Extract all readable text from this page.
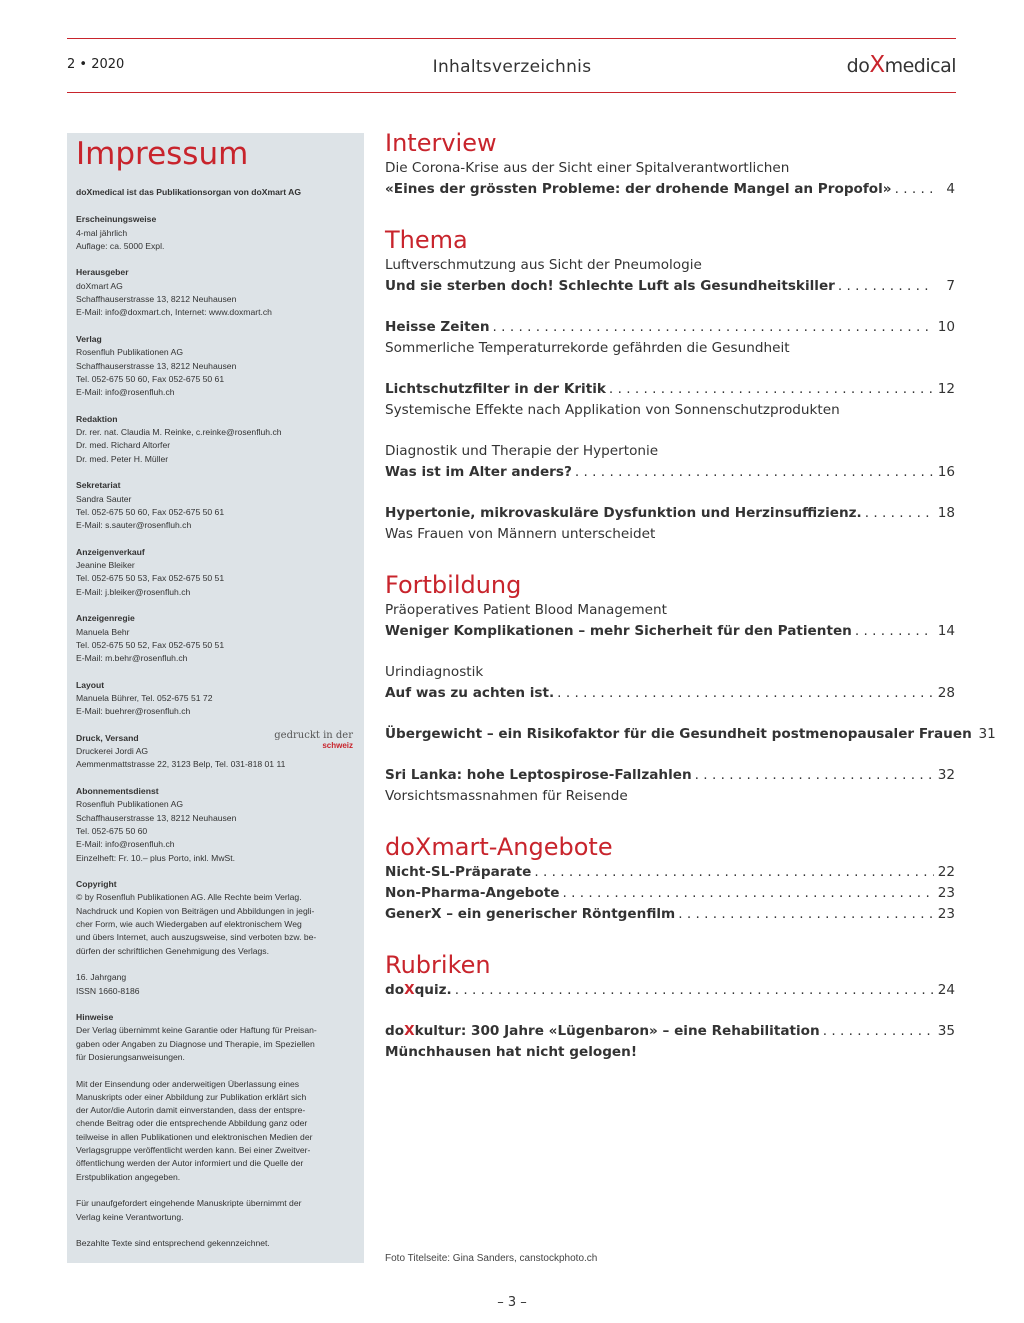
2 • 2020	Inhaltsverzeichnis	doXmedical
Impressum
doXmedical ist das Publikationsorgan von doXmart AG
Erscheinungsweise
4-mal jährlich
Auflage: ca. 5000 Expl.
Herausgeber
doXmart AG
Schaffhauserstrasse 13, 8212 Neuhausen
E-Mail: info@doxmart.ch, Internet: www.doxmart.ch
Verlag
Rosenfluh Publikationen AG
Schaffhauserstrasse 13, 8212 Neuhausen
Tel. 052-675 50 60, Fax 052-675 50 61
E-Mail: info@rosenfluh.ch
Redaktion
Dr. rer. nat. Claudia M. Reinke, c.reinke@rosenfluh.ch
Dr. med. Richard Altorfer
Dr. med. Peter H. Müller
Sekretariat
Sandra Sauter
Tel. 052-675 50 60, Fax 052-675 50 61
E-Mail: s.sauter@rosenfluh.ch
Anzeigenverkauf
Jeanine Bleiker
Tel. 052-675 50 53, Fax 052-675 50 51
E-Mail: j.bleiker@rosenfluh.ch
Anzeigenregie
Manuela Behr
Tel. 052-675 50 52, Fax 052-675 50 51
E-Mail: m.behr@rosenfluh.ch
Layout
Manuela Bührer, Tel. 052-675 51 72
E-Mail: buehrer@rosenfluh.ch
Druck, Versand
Druckerei Jordi AG
Aemmenmattstrasse 22, 3123 Belp, Tel. 031-818 01 11
gedruckt in der
schweiz
Abonnementsdienst
Rosenfluh Publikationen AG
Schaffhauserstrasse 13, 8212 Neuhausen
Tel. 052-675 50 60
E-Mail: info@rosenfluh.ch
Einzelheft: Fr. 10.– plus Porto, inkl. MwSt.
Copyright
© by Rosenfluh Publikationen AG. Alle Rechte beim Verlag.
Nachdruck und Kopien von Beiträgen und Abbildungen in jegli-
cher Form, wie auch Wiedergaben auf elektronischem Weg
und übers Internet, auch auszugsweise, sind verboten bzw. be-
dürfen der schriftlichen Genehmigung des Verlags.
16. Jahrgang
ISSN 1660-8186
Hinweise
Der Verlag übernimmt keine Garantie oder Haftung für Preisan-
gaben oder Angaben zu Diagnose und Therapie, im Speziellen
für Dosierungsanweisungen.
Mit der Einsendung oder anderweitigen Überlassung eines
Manuskripts oder einer Abbildung zur Publikation erklärt sich
der Autor/die Autorin damit einverstanden, dass der entspre-
chende Beitrag oder die entsprechende Abbildung ganz oder
teilweise in allen Publikationen und elektronischen Medien der
Verlagsgruppe veröffentlicht werden kann. Bei einer Zweitver-
öffentlichung werden der Autor informiert und die Quelle der
Erstpublikation angegeben.
Für unaufgefordert eingehende Manuskripte übernimmt der
Verlag keine Verantwortung.
Bezahlte Texte sind entsprechend gekennzeichnet.
Interview
Die Corona-Krise aus der Sicht einer Spitalverantwortlichen
«Eines der grössten Probleme: der drohende Mangel an Propofol» . . .	4
Thema
Luftverschmutzung aus Sicht der Pneumologie
Und sie sterben doch! Schlechte Luft als Gesundheitskiller . . .	7
Heisse Zeiten . . .	10
Sommerliche Temperaturrekorde gefährden die Gesundheit
Lichtschutzfilter in der Kritik . . .	12
Systemische Effekte nach Applikation von Sonnenschutzprodukten
Diagnostik und Therapie der Hypertonie
Was ist im Alter anders? . . .	16
Hypertonie, mikrovaskuläre Dysfunktion und Herzinsuffizienz. . . .	18
Was Frauen von Männern unterscheidet
Fortbildung
Präoperatives Patient Blood Management
Weniger Komplikationen – mehr Sicherheit für den Patienten . . .	14
Urindiagnostik
Auf was zu achten ist. . . .	28
Übergewicht – ein Risikofaktor für die Gesundheit postmenopausaler Frauen 31
Sri Lanka: hohe Leptospirose-Fallzahlen . . .	32
Vorsichtsmassnahmen für Reisende
doXmart-Angebote
Nicht-SL-Präparate . . .	22
Non-Pharma-Angebote . . .	23
GenerX – ein generischer Röntgenfilm . . .	23
Rubriken
doXquiz. . . .	24
doXkultur: 300 Jahre «Lügenbaron» – eine Rehabilitation . . .	35
Münchhausen hat nicht gelogen!
Foto Titelseite: Gina Sanders, canstockphoto.ch
– 3 –
